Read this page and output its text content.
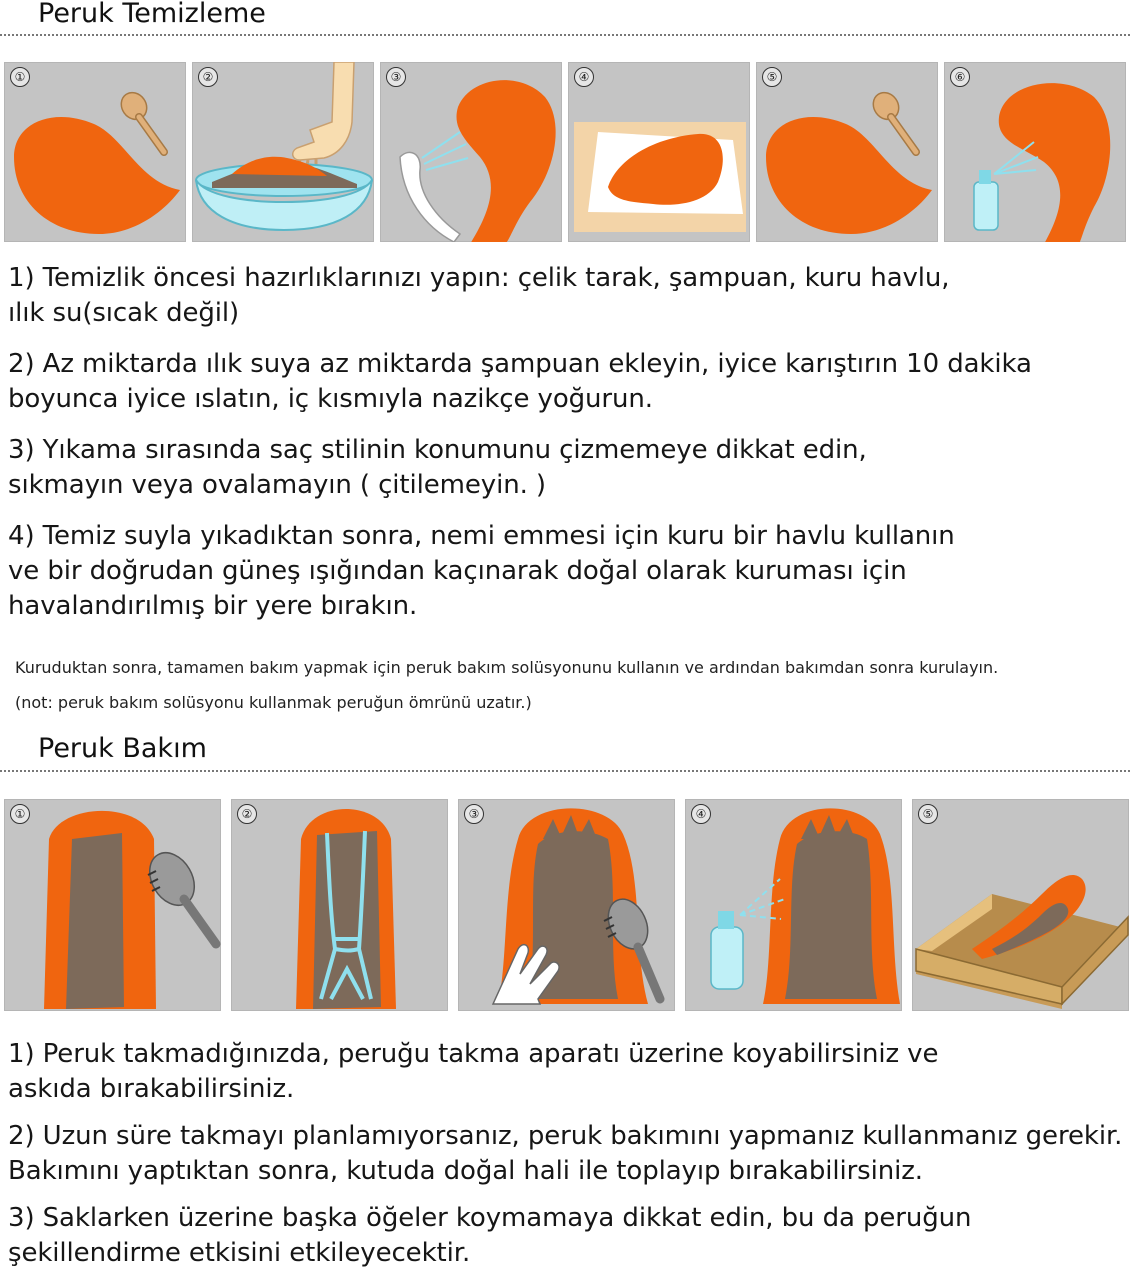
Peruk Temizleme
①	②	③	④	⑤	⑥

1) Temizlik öncesi hazırlıklarınızı yapın: çelik tarak, şampuan, kuru havlu,
ılık su(sıcak değil)

2) Az miktarda ılık suya az miktarda şampuan ekleyin, iyice karıştırın 10 dakika
boyunca iyice ıslatın, iç kısmıyla nazikçe yoğurun.

3) Yıkama sırasında saç stilinin konumunu çizmemeye dikkat edin,
sıkmayın veya ovalamayın ( çitilemeyin. )

4) Temiz suyla yıkadıktan sonra, nemi emmesi için kuru bir havlu kullanın
ve bir doğrudan güneş ışığından kaçınarak doğal olarak kuruması için
havalandırılmış bir yere bırakın.

Kuruduktan sonra, tamamen bakım yapmak için peruk bakım solüsyonunu kullanın ve ardından bakımdan sonra kurulayın.

(not: peruk bakım solüsyonu kullanmak peruğun ömrünü uzatır.)

Peruk Bakım
①	②	③	④	⑤

1) Peruk takmadığınızda, peruğu takma aparatı üzerine koyabilirsiniz ve
askıda bırakabilirsiniz.

2) Uzun süre takmayı planlamıyorsanız, peruk bakımını yapmanız kullanmanız gerekir.
Bakımını yaptıktan sonra, kutuda doğal hali ile toplayıp bırakabilirsiniz.

3) Saklarken üzerine başka öğeler koymamaya dikkat edin, bu da peruğun
şekillendirme etkisini etkileyecektir.
